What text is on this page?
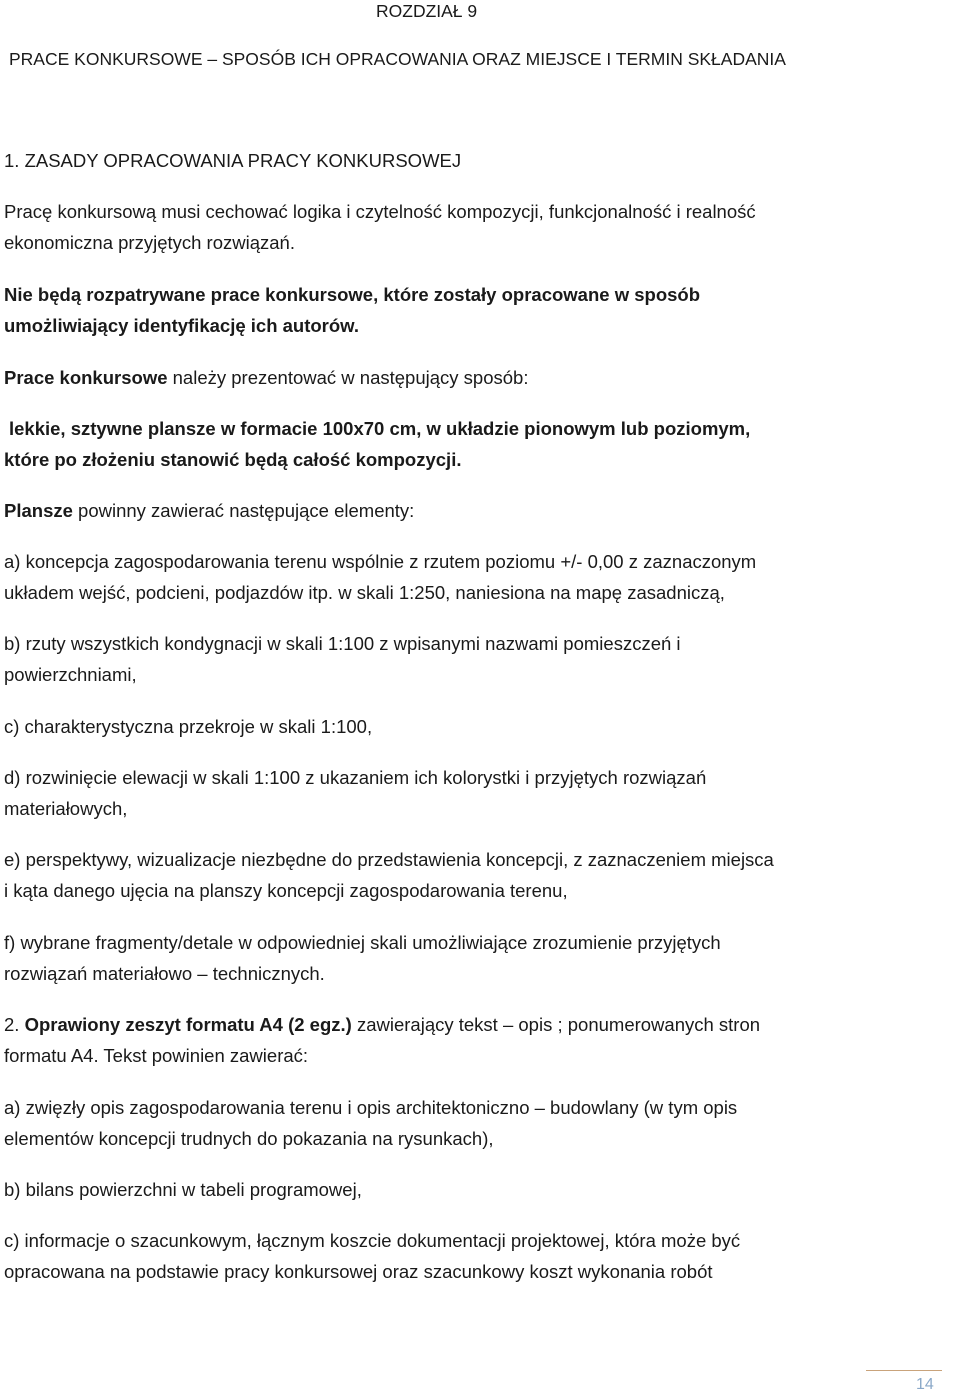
ROZDZIAŁ 9
PRACE KONKURSOWE – SPOSÓB ICH OPRACOWANIA ORAZ MIEJSCE I TERMIN SKŁADANIA
1. ZASADY OPRACOWANIA PRACY KONKURSOWEJ
Pracę konkursową musi cechować logika i czytelność kompozycji, funkcjonalność i realność
ekonomiczna przyjętych rozwiązań.
Nie będą rozpatrywane prace konkursowe, które zostały opracowane w sposób
umożliwiający identyfikację ich autorów.
Prace konkursowe należy prezentować w następujący sposób:
lekkie, sztywne plansze w formacie 100x70 cm, w układzie pionowym lub poziomym,
które po złożeniu stanowić będą całość kompozycji.
Plansze powinny zawierać następujące elementy:
a) koncepcja zagospodarowania terenu wspólnie z rzutem poziomu +/- 0,00 z zaznaczonym
układem wejść, podcieni, podjazdów itp. w skali 1:250, naniesiona na mapę zasadniczą,
b) rzuty wszystkich kondygnacji w skali 1:100 z wpisanymi nazwami pomieszczeń i
powierzchniami,
c) charakterystyczna przekroje w skali 1:100,
d) rozwinięcie elewacji w skali 1:100 z ukazaniem ich kolorystki i przyjętych rozwiązań
materiałowych,
e) perspektywy, wizualizacje niezbędne do przedstawienia koncepcji, z zaznaczeniem miejsca
i kąta danego ujęcia na planszy koncepcji zagospodarowania terenu,
f) wybrane fragmenty/detale w odpowiedniej skali umożliwiające zrozumienie przyjętych
rozwiązań materiałowo – technicznych.
2. Oprawiony zeszyt formatu A4 (2 egz.) zawierający tekst – opis ; ponumerowanych stron
formatu A4. Tekst powinien zawierać:
a) zwięzły opis zagospodarowania terenu i opis architektoniczno – budowlany (w tym opis
elementów koncepcji trudnych do pokazania na rysunkach),
b) bilans powierzchni w tabeli programowej,
c) informacje o szacunkowym, łącznym koszcie dokumentacji projektowej, która może być
opracowana na podstawie pracy konkursowej oraz szacunkowy koszt wykonania robót
14
